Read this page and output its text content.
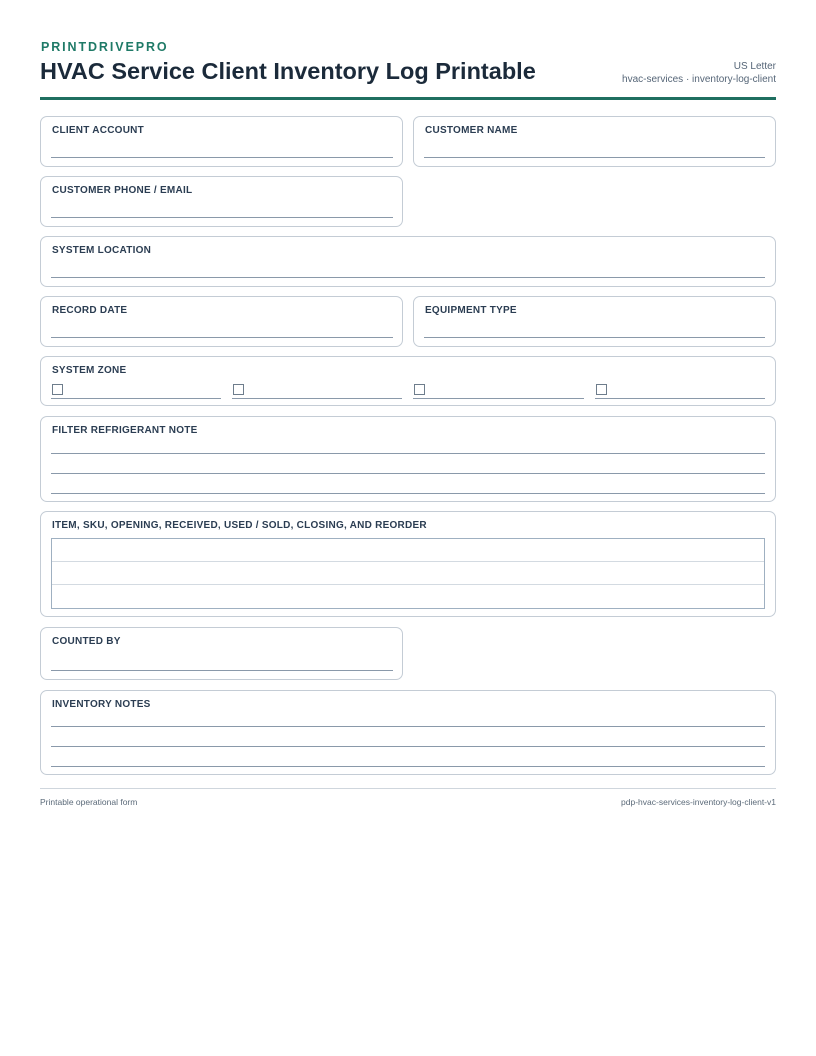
PRINTDRIVEPRO
HVAC Service Client Inventory Log Printable	US Letter
hvac-services · inventory-log-client
CLIENT ACCOUNT	CUSTOMER NAME
CUSTOMER PHONE / EMAIL
SYSTEM LOCATION
RECORD DATE	EQUIPMENT TYPE
SYSTEM ZONE
FILTER REFRIGERANT NOTE
ITEM, SKU, OPENING, RECEIVED, USED / SOLD, CLOSING, AND REORDER
COUNTED BY
INVENTORY NOTES
Printable operational form	pdp-hvac-services-inventory-log-client-v1
